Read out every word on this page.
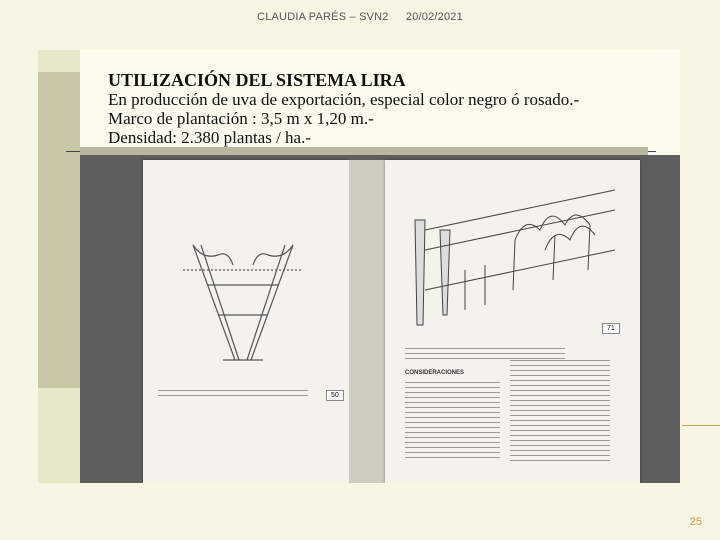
CLAUDIA PARÉS – SVN2 20/02/2021
UTILIZACIÓN DEL SISTEMA LIRA
En producción de uva de exportación, especial color negro ó rosado.-
Marco de plantación : 3,5 m x 1,20 m.-
Densidad: 2.380 plantas / ha.-
50
71
CONSIDERACIONES
25
